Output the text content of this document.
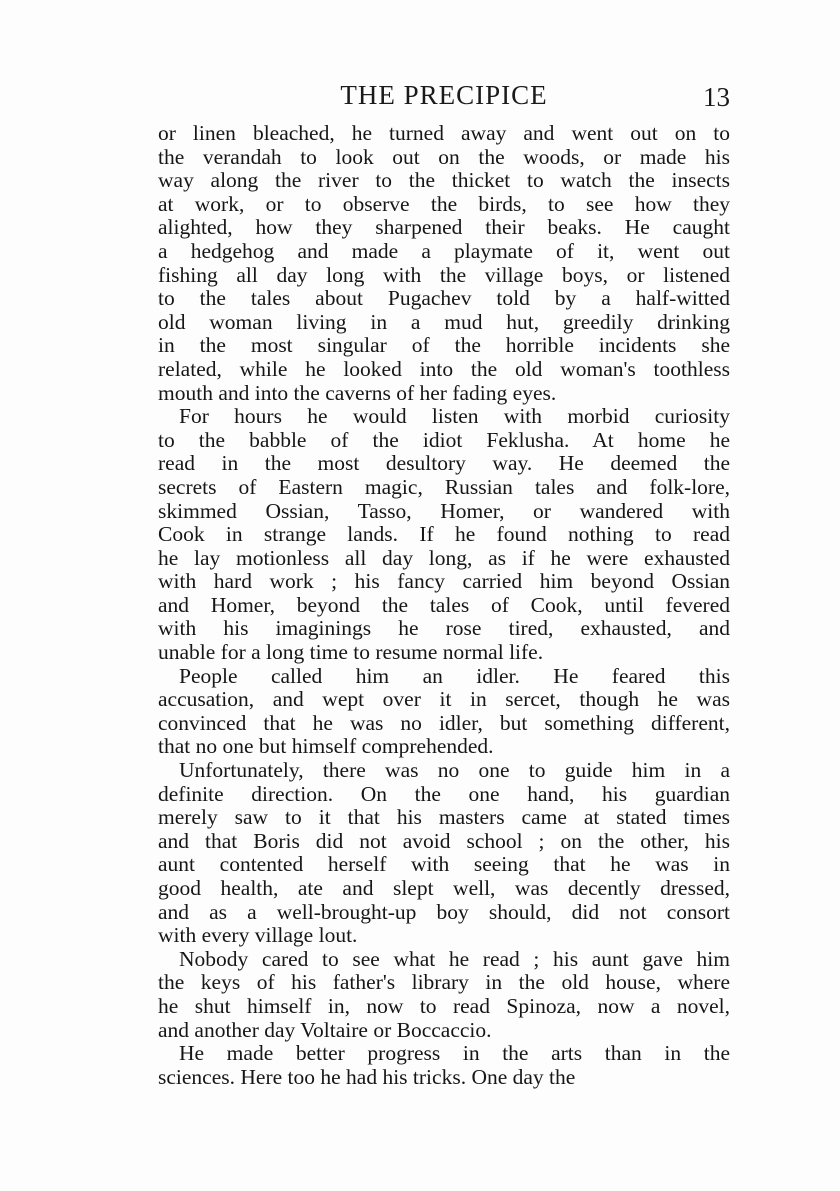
THE PRECIPICE	13

or linen bleached, he turned away and went out on to
the verandah to look out on the woods, or made his
way along the river to the thicket to watch the insects
at work, or to observe the birds, to see how they
alighted, how they sharpened their beaks. He caught
a hedgehog and made a playmate of it, went out
fishing all day long with the village boys, or listened
to the tales about Pugachev told by a half-witted
old woman living in a mud hut, greedily drinking
in the most singular of the horrible incidents she
related, while he looked into the old woman's toothless
mouth and into the caverns of her fading eyes.

For hours he would listen with morbid curiosity
to the babble of the idiot Feklusha. At home he
read in the most desultory way. He deemed the
secrets of Eastern magic, Russian tales and folk-lore,
skimmed Ossian, Tasso, Homer, or wandered with
Cook in strange lands. If he found nothing to read
he lay motionless all day long, as if he were exhausted
with hard work ; his fancy carried him beyond Ossian
and Homer, beyond the tales of Cook, until fevered
with his imaginings he rose tired, exhausted, and
unable for a long time to resume normal life.

People called him an idler. He feared this
accusation, and wept over it in sercet, though he was
convinced that he was no idler, but something different,
that no one but himself comprehended.

Unfortunately, there was no one to guide him in a
definite direction. On the one hand, his guardian
merely saw to it that his masters came at stated times
and that Boris did not avoid school ; on the other, his
aunt contented herself with seeing that he was in
good health, ate and slept well, was decently dressed,
and as a well-brought-up boy should, did not consort
with every village lout.

Nobody cared to see what he read ; his aunt gave him
the keys of his father's library in the old house, where
he shut himself in, now to read Spinoza, now a novel,
and another day Voltaire or Boccaccio.

He made better progress in the arts than in the
sciences. Here too he had his tricks. One day the
